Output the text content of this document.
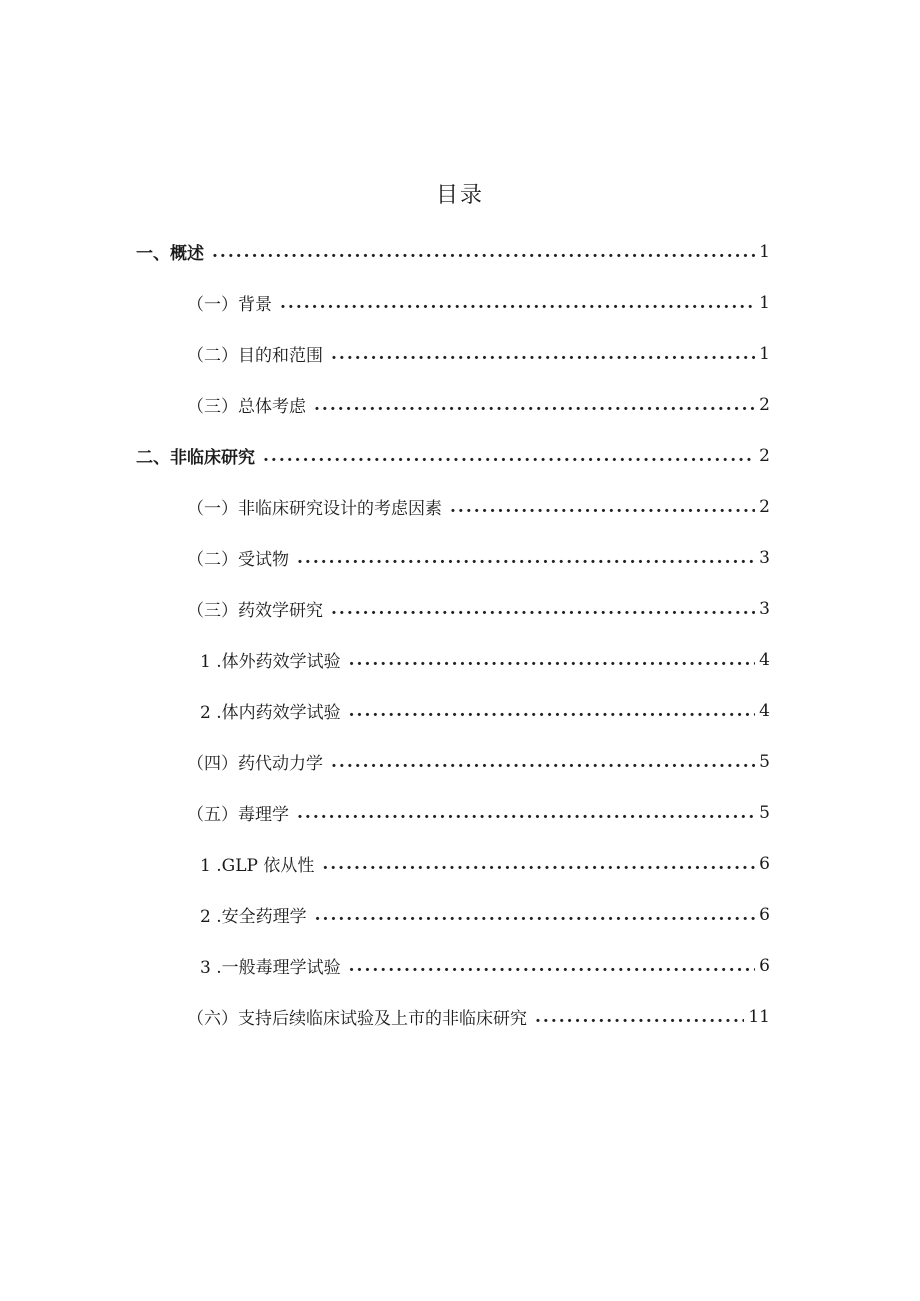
目录
一、概述 .....	1
（一）背景 .....	1
（二）目的和范围 .....	1
（三）总体考虑 .....	2
二、非临床研究 .....	2
（一）非临床研究设计的考虑因素 .....	2
（二）受试物 .....	3
（三）药效学研究 .....	3
1 .体外药效学试验 .....	4
2 .体内药效学试验 .....	4
（四）药代动力学 .....	5
（五）毒理学 .....	5
1 .GLP 依从性 .....	6
2 .安全药理学 .....	6
3 .一般毒理学试验 .....	6
（六）支持后续临床试验及上市的非临床研究 .....	11
